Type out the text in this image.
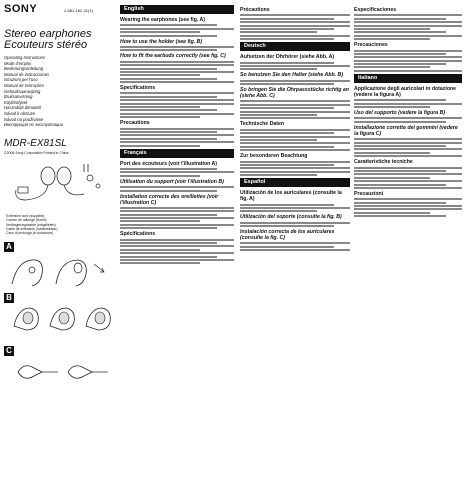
SONY	2-681-162-21(1)
Stereo earphones
Ecouteurs stéréo
Operating Instructions
Mode d'emploi
Bedienungsanleitung
Manual de instrucciones
Istruzioni per l'uso
Manual de instruções
Gebruiksaanwijzing
Bruksanvisning
Käyttöohjeet
Használati útmutató
Návod k obsluze
Návod na používanie
Инструкция по эксплуатации
MDR-EX81SL
©2006 Sony Corporation Printed in China
Extension cord (supplied)
Cordon de rallonge (fourni)
Verlängerungskabel (mitgeliefert)
Cable de extensión (suministrado)
Cavo di prolunga (in dotazione)
A
B
C
English
Wearing the earphones (see fig. A)
How to use the holder (see fig. B)
How to fit the earbuds correctly (see fig. C)
Specifications
Precautions
Français
Port des écouteurs (voir l'illustration A)
Utilisation du support (voir l'illustration B)
Installation correcte des oreillettes (voir l'illustration C)
Spécifications
Précautions
Deutsch
Aufsetzen der Ohrhörer (siehe Abb. A)
So benutzen Sie den Halter (siehe Abb. B)
So bringen Sie die Ohrpassstücke richtig an (siehe Abb. C)
Technische Daten
Zur besonderen Beachtung
Español
Utilización de los auriculares (consulte la fig. A)
Utilización del soporte (consulte la fig. B)
Instalación correcta de los auriculares (consulte la fig. C)
Especificaciones
Precauciones
Italiano
Applicazione degli auricolari in dotazione (vedere la figura A)
Uso del supporto (vedere la figura B)
Installazione corretta dei gommini (vedere la figura C)
Caratteristiche tecniche
Precauzioni
